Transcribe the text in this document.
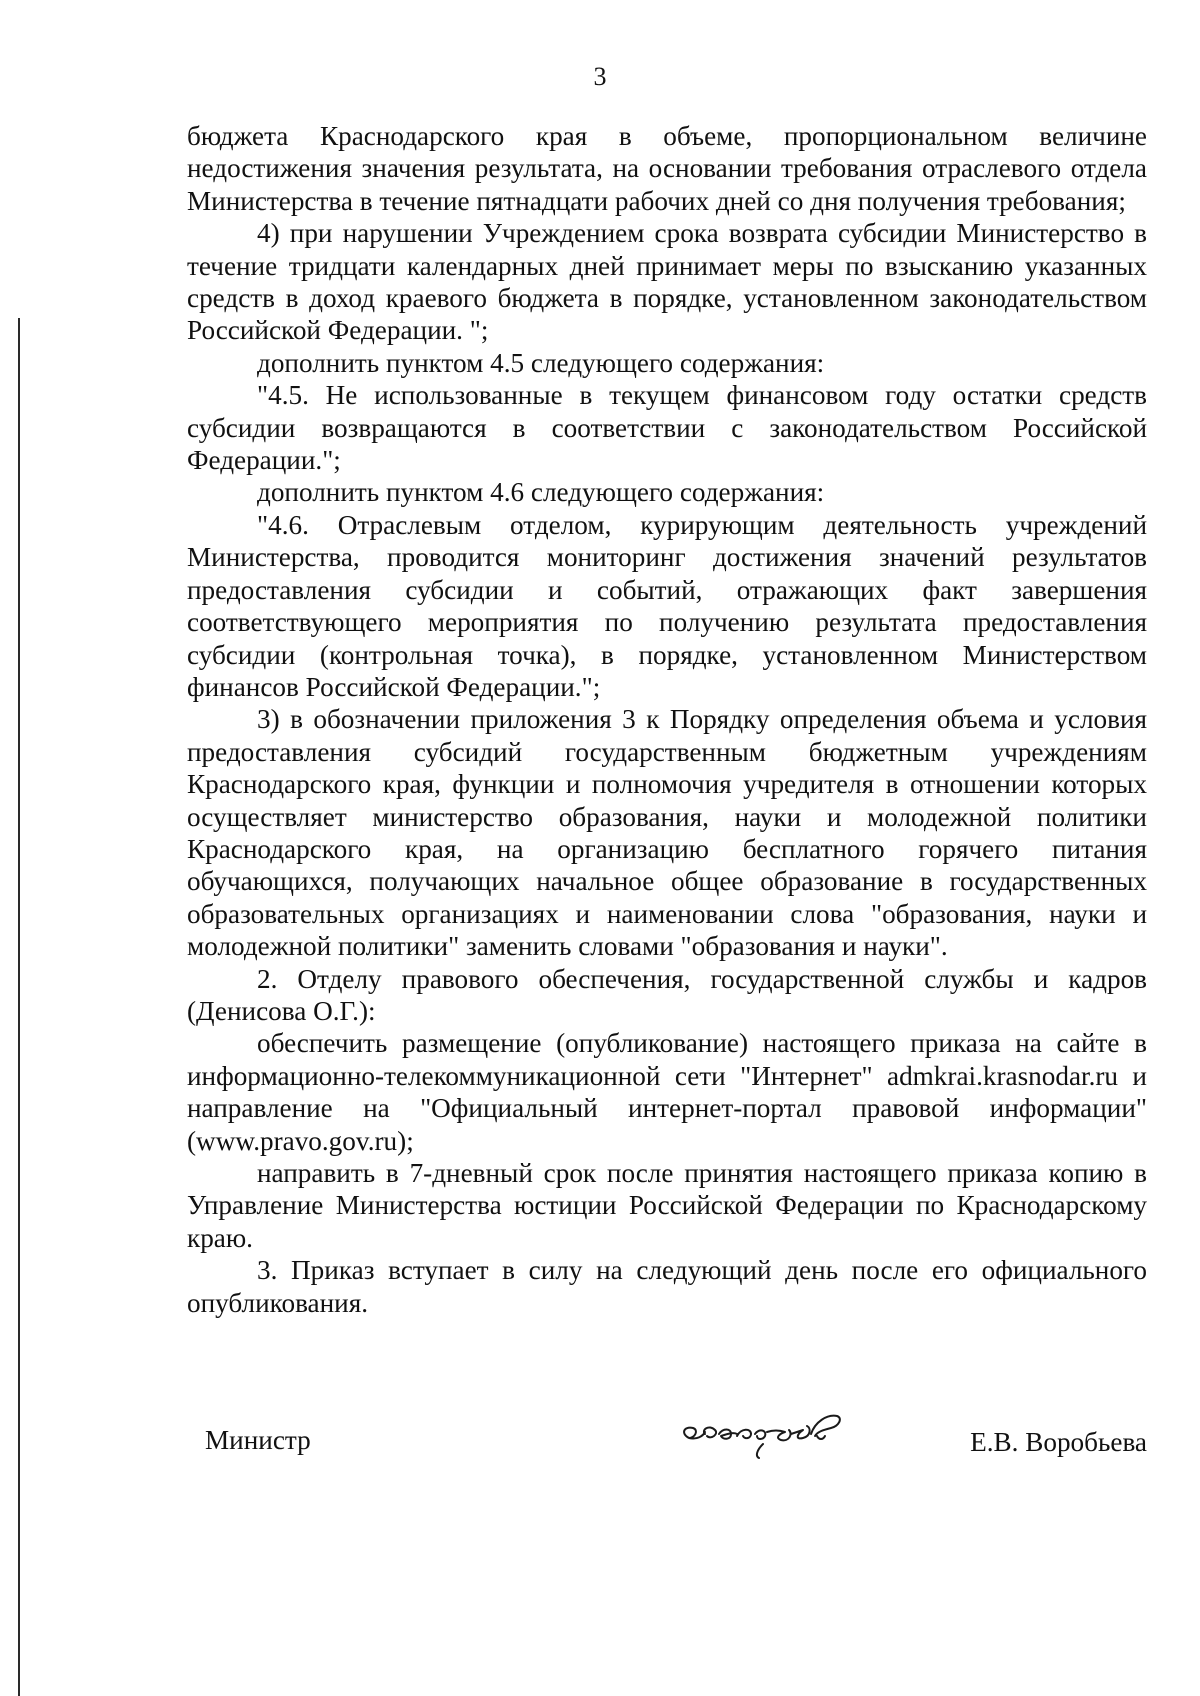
3

бюджета Краснодарского края в объеме, пропорциональном величине недостижения значения результата, на основании требования отраслевого отдела Министерства в течение пятнадцати рабочих дней со дня получения требования;

4) при нарушении Учреждением срока возврата субсидии Министерство в течение тридцати календарных дней принимает меры по взысканию указанных средств в доход краевого бюджета в порядке, установленном законодательством Российской Федерации. ";

дополнить пунктом 4.5 следующего содержания:

"4.5. Не использованные в текущем финансовом году остатки средств субсидии возвращаются в соответствии с законодательством Российской Федерации.";

дополнить пунктом 4.6 следующего содержания:

"4.6. Отраслевым отделом, курирующим деятельность учреждений Министерства, проводится мониторинг достижения значений результатов предоставления субсидии и событий, отражающих факт завершения соответствующего мероприятия по получению результата предоставления субсидии (контрольная точка), в порядке, установленном Министерством финансов Российской Федерации.";

3) в обозначении приложения 3 к Порядку определения объема и условия предоставления субсидий государственным бюджетным учреждениям Краснодарского края, функции и полномочия учредителя в отношении которых осуществляет министерство образования, науки и молодежной политики Краснодарского края, на организацию бесплатного горячего питания обучающихся, получающих начальное общее образование в государственных образовательных организациях и наименовании слова "образования, науки и молодежной политики" заменить словами "образования и науки".

2. Отделу правового обеспечения, государственной службы и кадров (Денисова О.Г.):

обеспечить размещение (опубликование) настоящего приказа на сайте в информационно-телекоммуникационной сети "Интернет" admkrai.krasnodar.ru и направление на "Официальный интернет-портал правовой информации" (www.pravo.gov.ru);

направить в 7-дневный срок после принятия настоящего приказа копию в Управление Министерства юстиции Российской Федерации по Краснодарскому краю.

3. Приказ вступает в силу на следующий день после его официального опубликования.

Министр	Е.В. Воробьева
